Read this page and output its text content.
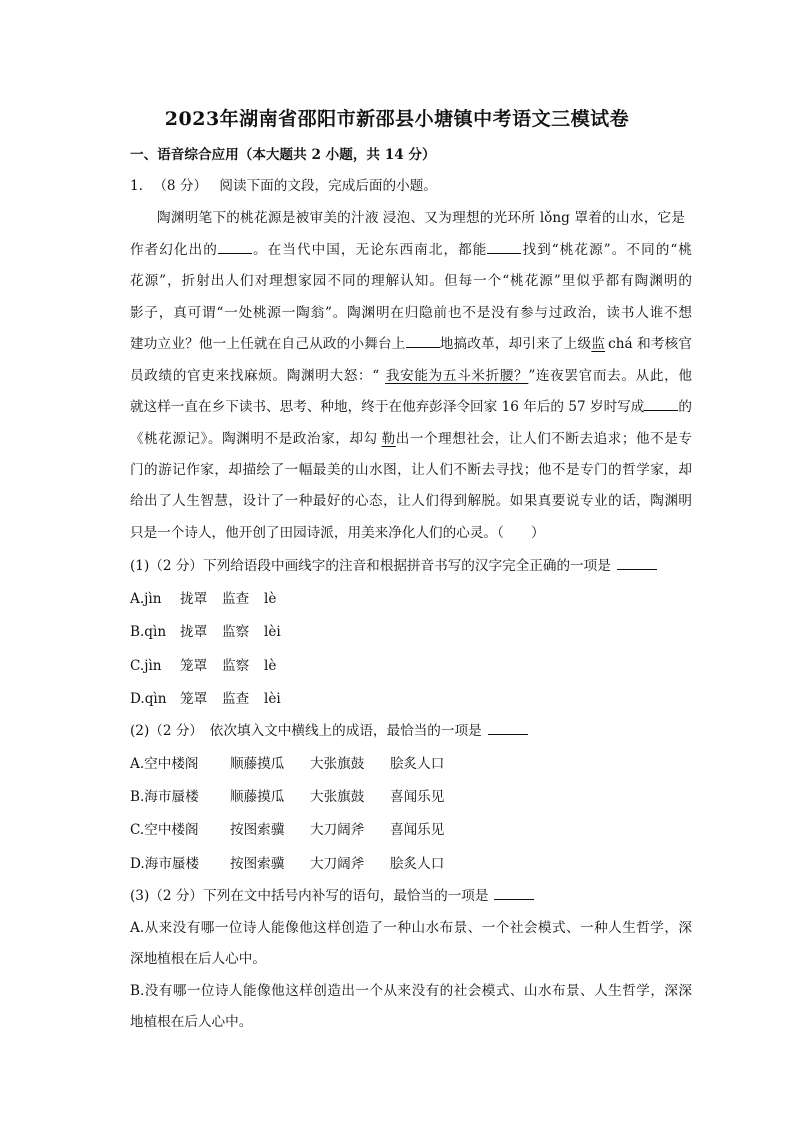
2023年湖南省邵阳市新邵县小塘镇中考语文三模试卷
一、语音综合应用（本大题共 2 小题，共 14 分）
1. （8 分） 阅读下面的文段，完成后面的小题。
陶渊明笔下的桃花源是被审美的汁液 浸泡、又为理想的光环所 lǒng 罩着的山水，它是
作者幻化出的	。在当代中国，无论东西南北，都能	找到“桃花源”。不同的“桃
花源”，折射出人们对理想家园不同的理解认知。但每一个“桃花源”里似乎都有陶渊明的
影子，真可谓“一处桃源一陶翁”。陶渊明在归隐前也不是没有参与过政治，读书人谁不想
建功立业？他一上任就在自己从政的小舞台上	地搞改革，却引来了上级监 chá 和考核官
员政绩的官吏来找麻烦。陶渊明大怒：“ 我安能为五斗米折腰？”连夜罢官而去。从此，他
就这样一直在乡下读书、思考、种地，终于在他弃彭泽令回家 16 年后的 57 岁时写成	的
《桃花源记》。陶渊明不是政治家，却勾 勒出一个理想社会，让人们不断去追求；他不是专
门的游记作家，却描绘了一幅最美的山水图，让人们不断去寻找；他不是专门的哲学家，却
给出了人生智慧，设计了一种最好的心态，让人们得到解脱。如果真要说专业的话，陶渊明
只是一个诗人，他开创了田园诗派，用美来净化人们的心灵。（　　）
(1)（2 分）下列给语段中画线字的注音和根据拼音书写的汉字完全正确的一项是
A.jìn 拢罩 监查 lè
B.qìn 拢罩 监察 lèi
C.jìn 笼罩 监察 lè
D.qìn 笼罩 监查 lèi
(2)（2 分）　依次填入文中横线上的成语，最恰当的一项是
A.空中楼阁 顺藤摸瓜 大张旗鼓 脍炙人口
B.海市蜃楼 顺藤摸瓜 大张旗鼓 喜闻乐见
C.空中楼阁 按图索骥 大刀阔斧 喜闻乐见
D.海市蜃楼 按图索骥 大刀阔斧 脍炙人口
(3)（2 分）下列在文中括号内补写的语句，最恰当的一项是
A.从来没有哪一位诗人能像他这样创造了一种山水布景、一个社会模式、一种人生哲学，深
深地植根在后人心中。
B.没有哪一位诗人能像他这样创造出一个从来没有的社会模式、山水布景、人生哲学，深深
地植根在后人心中。
